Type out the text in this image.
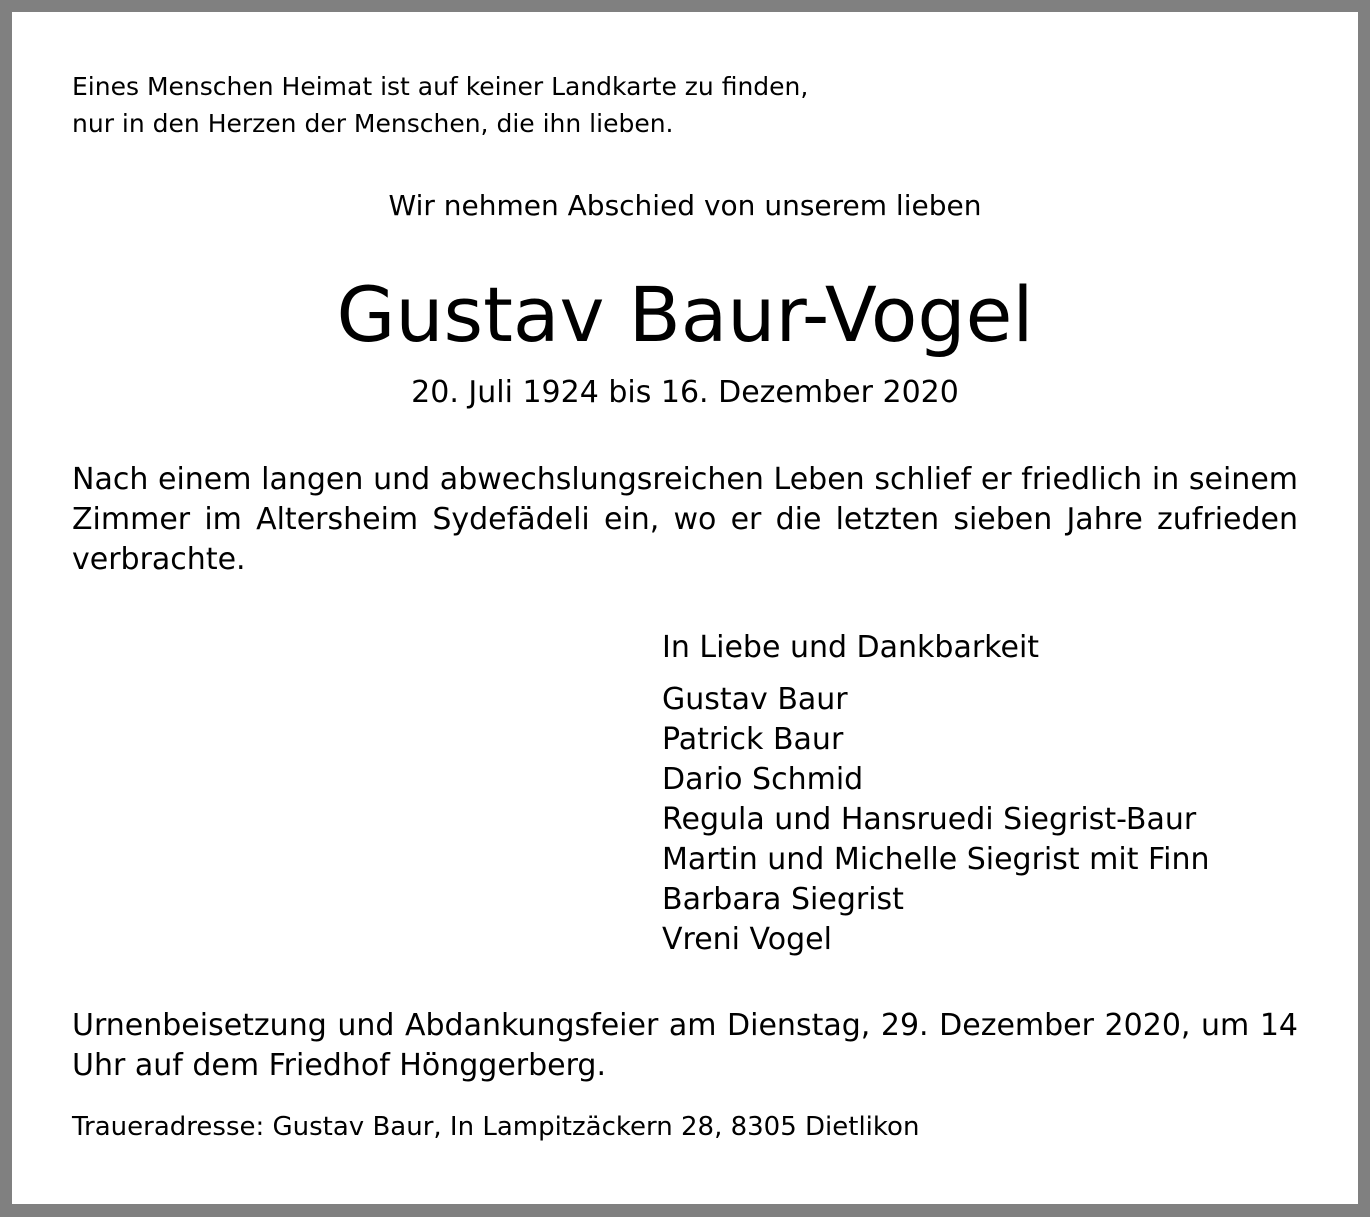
Eines Menschen Heimat ist auf keiner Landkarte zu finden,
nur in den Herzen der Menschen, die ihn lieben.
Wir nehmen Abschied von unserem lieben
Gustav Baur-Vogel
20. Juli 1924 bis 16. Dezember 2020
Nach einem langen und abwechslungsreichen Leben schlief er friedlich in seinem Zimmer im Altersheim Sydefädeli ein, wo er die letzten sieben Jahre zufrieden verbrachte.
In Liebe und Dankbarkeit
Gustav Baur
Patrick Baur
Dario Schmid
Regula und Hansruedi Siegrist-Baur
Martin und Michelle Siegrist mit Finn
Barbara Siegrist
Vreni Vogel
Urnenbeisetzung und Abdankungsfeier am Dienstag, 29. Dezember 2020, um 14 Uhr auf dem Friedhof Hönggerberg.
Traueradresse: Gustav Baur, In Lampitzäckern 28, 8305 Dietlikon
